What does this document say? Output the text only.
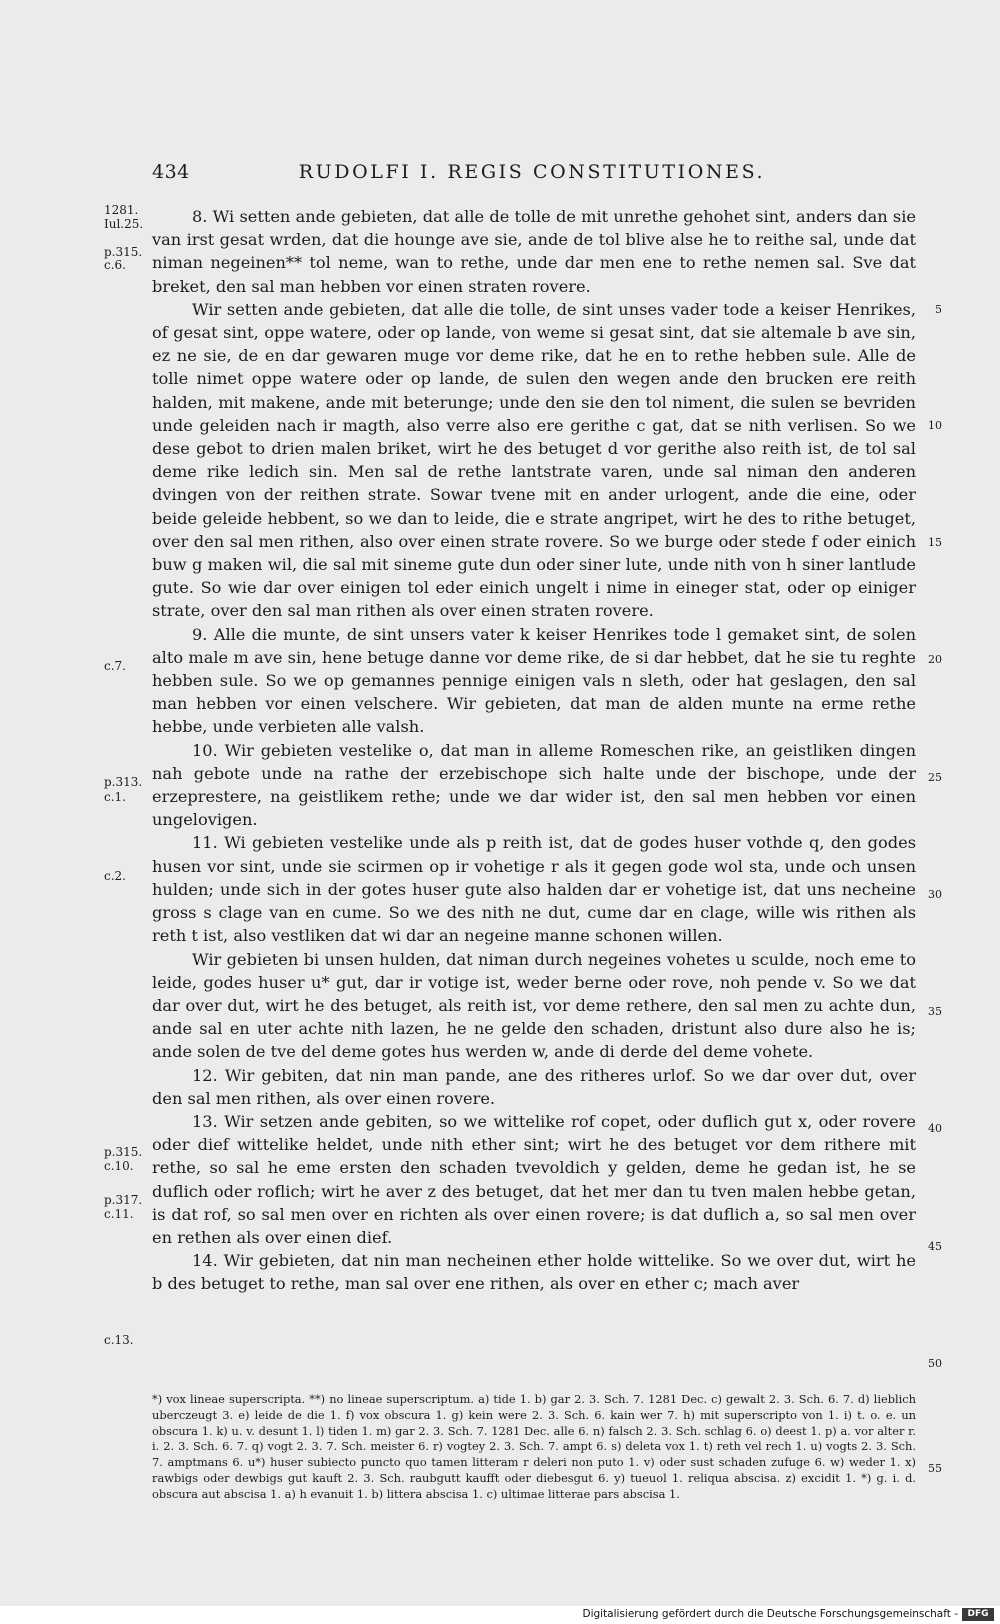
434	RUDOLFI I. REGIS CONSTITUTIONES.
1281.
Iul.25.
p.315.
c.6.
c.7.
p.313.
c.1.
c.2.
p.315.
c.10.
p.317.
c.11.
c.13.
5
10
15
20
25
30
35
40
45
50
55

8. Wi setten ande gebieten, dat alle de tolle de mit unrethe gehohet sint, anders dan sie van irst gesat wrden, dat die hounge ave sie, ande de tol blive alse he to reithe sal, unde dat niman negeinen** tol neme, wan to rethe, unde dar men ene to rethe nemen sal. Sve dat breket, den sal man hebben vor einen straten rovere.

Wir setten ande gebieten, dat alle die tolle, de sint unses vader tode a keiser Henrikes, of gesat sint, oppe watere, oder op lande, von weme si gesat sint, dat sie altemale b ave sin, ez ne sie, de en dar gewaren muge vor deme rike, dat he en to rethe hebben sule. Alle de tolle nimet oppe watere oder op lande, de sulen den wegen ande den brucken ere reith halden, mit makene, ande mit beterunge; unde den sie den tol niment, die sulen se bevriden unde geleiden nach ir magth, also verre also ere gerithe c gat, dat se nith verlisen. So we dese gebot to drien malen briket, wirt he des betuget d vor gerithe also reith ist, de tol sal deme rike ledich sin. Men sal de rethe lantstrate varen, unde sal niman den anderen dvingen von der reithen strate. Sowar tvene mit en ander urlogent, ande die eine, oder beide geleide hebbent, so we dan to leide, die e strate angripet, wirt he des to rithe betuget, over den sal men rithen, also over einen strate rovere. So we burge oder stede f oder einich buw g maken wil, die sal mit sineme gute dun oder siner lute, unde nith von h siner lantlude gute. So wie dar over einigen tol eder einich ungelt i nime in eineger stat, oder op einiger strate, over den sal man rithen als over einen straten rovere.

9. Alle die munte, de sint unsers vater k keiser Henrikes tode l gemaket sint, de solen alto male m ave sin, hene betuge danne vor deme rike, de si dar hebbet, dat he sie tu reghte hebben sule. So we op gemannes pennige einigen vals n sleth, oder hat geslagen, den sal man hebben vor einen velschere. Wir gebieten, dat man de alden munte na erme rethe hebbe, unde verbieten alle valsh.

10. Wir gebieten vestelike o, dat man in alleme Romeschen rike, an geistliken dingen nah gebote unde na rathe der erzebischope sich halte unde der bischope, unde der erzeprestere, na geistlikem rethe; unde we dar wider ist, den sal men hebben vor einen ungelovigen.

11. Wi gebieten vestelike unde als p reith ist, dat de godes huser vothde q, den godes husen vor sint, unde sie scirmen op ir vohetige r als it gegen gode wol sta, unde och unsen hulden; unde sich in der gotes huser gute also halden dar er vohetige ist, dat uns necheine gross s clage van en cume. So we des nith ne dut, cume dar en clage, wille wis rithen als reth t ist, also vestliken dat wi dar an negeine manne schonen willen.

Wir gebieten bi unsen hulden, dat niman durch negeines vohetes u sculde, noch eme to leide, godes huser u* gut, dar ir votige ist, weder berne oder rove, noh pende v. So we dat dar over dut, wirt he des betuget, als reith ist, vor deme rethere, den sal men zu achte dun, ande sal en uter achte nith lazen, he ne gelde den schaden, dristunt also dure also he is; ande solen de tve del deme gotes hus werden w, ande di derde del deme vohete.

12. Wir gebiten, dat nin man pande, ane des ritheres urlof. So we dar over dut, over den sal men rithen, als over einen rovere.

13. Wir setzen ande gebiten, so we wittelike rof copet, oder duflich gut x, oder rovere oder dief wittelike heldet, unde nith ether sint; wirt he des betuget vor dem rithere mit rethe, so sal he eme ersten den schaden tvevoldich y gelden, deme he gedan ist, he se duflich oder roflich; wirt he aver z des betuget, dat het mer dan tu tven malen hebbe getan, is dat rof, so sal men over en richten als over einen rovere; is dat duflich a, so sal men over en rethen als over einen dief.

14. Wir gebieten, dat nin man necheinen ether holde wittelike. So we over dut, wirt he b des betuget to rethe, man sal over ene rithen, als over en ether c; mach aver

*) vox lineae superscripta. **) no lineae superscriptum. a) tide 1. b) gar 2. 3. Sch. 7. 1281 Dec. c) gewalt 2. 3. Sch. 6. 7. d) lieblich uberczeugt 3. e) leide de die 1. f) vox obscura 1. g) kein were 2. 3. Sch. 6. kain wer 7. h) mit superscripto von 1. i) t. o. e. un obscura 1. k) u. v. desunt 1. l) tiden 1. m) gar 2. 3. Sch. 7. 1281 Dec. alle 6. n) falsch 2. 3. Sch. schlag 6. o) deest 1. p) a. vor alter r. i. 2. 3. Sch. 6. 7. q) vogt 2. 3. 7. Sch. meister 6. r) vogtey 2. 3. Sch. 7. ampt 6. s) deleta vox 1. t) reth vel rech 1. u) vogts 2. 3. Sch. 7. amptmans 6. u*) huser subiecto puncto quo tamen litteram r deleri non puto 1. v) oder sust schaden zufuge 6. w) weder 1. x) rawbigs oder dewbigs gut kauft 2. 3. Sch. raubgutt kaufft oder diebesgut 6. y) tueuol 1. reliqua abscisa. z) excidit 1. *) g. i. d. obscura aut abscisa 1. a) h evanuit 1. b) littera abscisa 1. c) ultimae litterae pars abscisa 1.
Digitalisierung gefördert durch die Deutsche Forschungsgemeinschaft -	DFG
